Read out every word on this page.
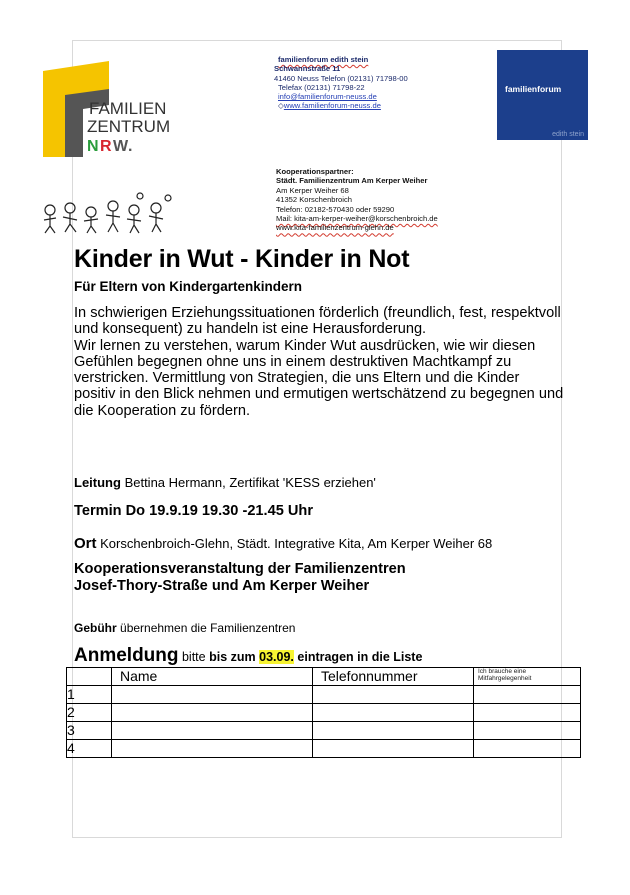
FAMILIEN
ZENTRUM
N R W .
familienforum
edith stein
familienforum edith stein
Schwannstraße 11
41460 Neuss Telefon (02131) 71798-00
Telefax (02131) 71798-22
info@familienforum-neuss.de
◇www.familienforum-neuss.de
Kooperationspartner:
Städt. Familienzentrum Am Kerper Weiher
Am Kerper Weiher 68
41352 Korschenbroich
Telefon: 02182-570430 oder 59290
Mail: kita-am-kerper-weiher@korschenbroich.de
www.kita-familienzentrum-glehn.de
Kinder in Wut - Kinder in Not
Für Eltern von Kindergartenkindern
In schwierigen Erziehungssituationen förderlich (freundlich, fest, respektvoll und konsequent) zu handeln ist eine Herausforderung.
Wir lernen zu verstehen, warum Kinder Wut ausdrücken, wie wir diesen Gefühlen begegnen ohne uns in einem destruktiven Machtkampf zu verstricken. Vermittlung von Strategien, die uns Eltern und die Kinder positiv in den Blick nehmen und ermutigen wertschätzend zu begegnen und die Kooperation zu fördern.
Leitung Bettina Hermann, Zertifikat 'KESS erziehen'
Termin Do 19.9.19 19.30 -21.45 Uhr
Ort Korschenbroich-Glehn, Städt. Integrative Kita, Am Kerper Weiher 68
Kooperationsveranstaltung der Familienzentren
Josef-Thory-Straße und Am Kerper Weiher
Gebühr übernehmen die Familienzentren
Anmeldung bitte bis zum 03.09. eintragen in die Liste
	Name	Telefonnummer	Ich brauche eine Mitfahrgelegenheit
1			
2			
3			
4			
